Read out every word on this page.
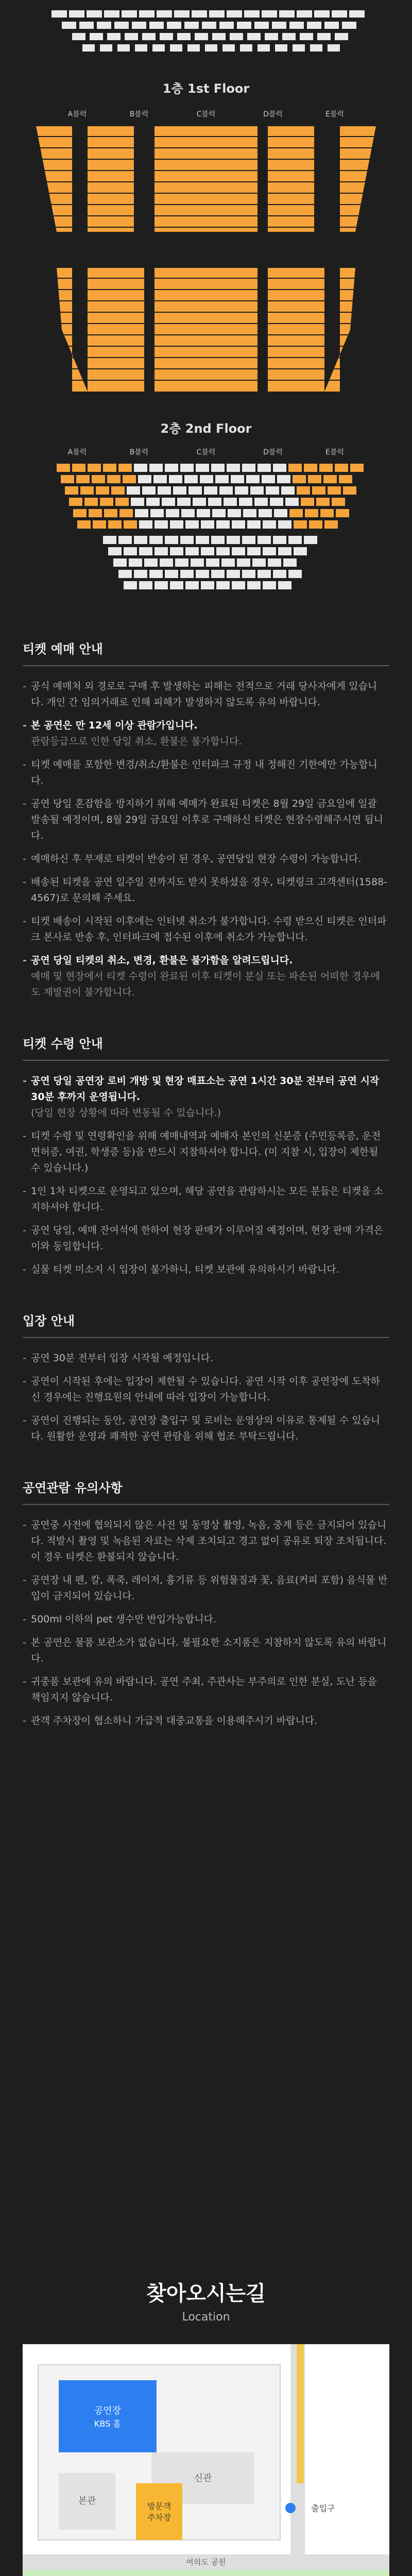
1층 1st Floor
A블럭	B블럭	C블럭	D블럭	E블럭
2층 2nd Floor
A블럭	B블럭	C블럭	D블럭	E블럭
티켓 예매 안내
- 공식 예매처 외 경로로 구매 후 발생하는 피해는 전적으로 거래 당사자에게 있습니다. 개인 간 임의거래로 인해 피해가 발생하지 않도록 유의 바랍니다.
- 본 공연은 만 12세 이상 관람가입니다.
관람등급으로 인한 당일 취소, 환불은 불가합니다.
- 티켓 예매를 포함한 변경/취소/환불은 인터파크 규정 내 정해진 기한에만 가능합니다.
- 공연 당일 혼잡함을 방지하기 위해 예매가 완료된 티켓은 8월 29일 금요일에 일괄 발송될 예정이며, 8월 29일 금요일 이후로 구매하신 티켓은 현장수령해주시면 됩니다.
- 예매하신 후 부재로 티켓이 반송이 된 경우, 공연당일 현장 수령이 가능합니다.
- 배송된 티켓을 공연 일주일 전까지도 받지 못하셨을 경우, 티켓링크 고객센터(1588-4567)로 문의해 주세요.
- 티켓 배송이 시작된 이후에는 인터넷 취소가 불가합니다. 수령 받으신 티켓은 인터파크 본사로 반송 후, 인터파크에 접수된 이후에 취소가 가능합니다.
- 공연 당일 티켓의 취소, 변경, 환불은 불가함을 알려드립니다.
예매 및 현장에서 티켓 수령이 완료된 이후 티켓이 분실 또는 파손된 어떠한 경우에도 재발권이 불가합니다.
티켓 수령 안내
- 공연 당일 공연장 로비 개방 및 현장 매표소는 공연 1시간 30분 전부터 공연 시작 30분 후까지 운영됩니다.
(당일 현장 상황에 따라 변동될 수 있습니다.)
- 티켓 수령 및 연령확인을 위해 예매내역과 예매자 본인의 신분증 (주민등록증, 운전면허증, 여권, 학생증 등)을 반드시 지참하셔야 합니다. (미 지참 시, 입장이 제한될 수 있습니다.)
- 1인 1차 티켓으로 운영되고 있으며, 해당 공연을 관람하시는 모든 분들은 티켓을 소지하셔야 합니다.
- 공연 당일, 예매 잔여석에 한하여 현장 판매가 이루어질 예정이며, 현장 판매 가격은 이와 동일합니다.
- 실물 티켓 미소지 시 입장이 불가하니, 티켓 보관에 유의하시기 바랍니다.
입장 안내
- 공연 30분 전부터 입장 시작될 예정입니다.
- 공연이 시작된 후에는 입장이 제한될 수 있습니다. 공연 시작 이후 공연장에 도착하신 경우에는 진행요원의 안내에 따라 입장이 가능합니다.
- 공연이 진행되는 동안, 공연장 출입구 및 로비는 운영상의 이유로 통제될 수 있습니다. 원활한 운영과 쾌적한 공연 관람을 위해 협조 부탁드립니다.
공연관람 유의사항
- 공연중 사전에 협의되지 않은 사진 및 동영상 촬영, 녹음, 중계 등은 금지되어 있습니다. 적발시 촬영 및 녹음된 자료는 삭제 조치되고 경고 없이 공유로 퇴장 조치됩니다. 이 경우 티켓은 환불되지 않습니다.
- 공연장 내 펜, 칼, 폭죽, 레이저, 흉기류 등 위험물질과 꽃, 음료(커피 포함) 음식물 반입이 금지되어 있습니다.
- 500ml 이하의 pet 생수만 반입가능합니다.
- 본 공연은 물품 보관소가 없습니다. 불필요한 소지품은 지참하지 않도록 유의 바랍니다.
- 귀중품 보관에 유의 바랍니다. 공연 주최, 주관사는 부주의로 인한 분실, 도난 등을 책임지지 않습니다.
- 관객 주차장이 협소하니 가급적 대중교통을 이용해주시기 바랍니다.
찾아오시는길
Location
공연장
KBS 홀
신관
본관	방문객
주차장
출입구
여의도 공원
